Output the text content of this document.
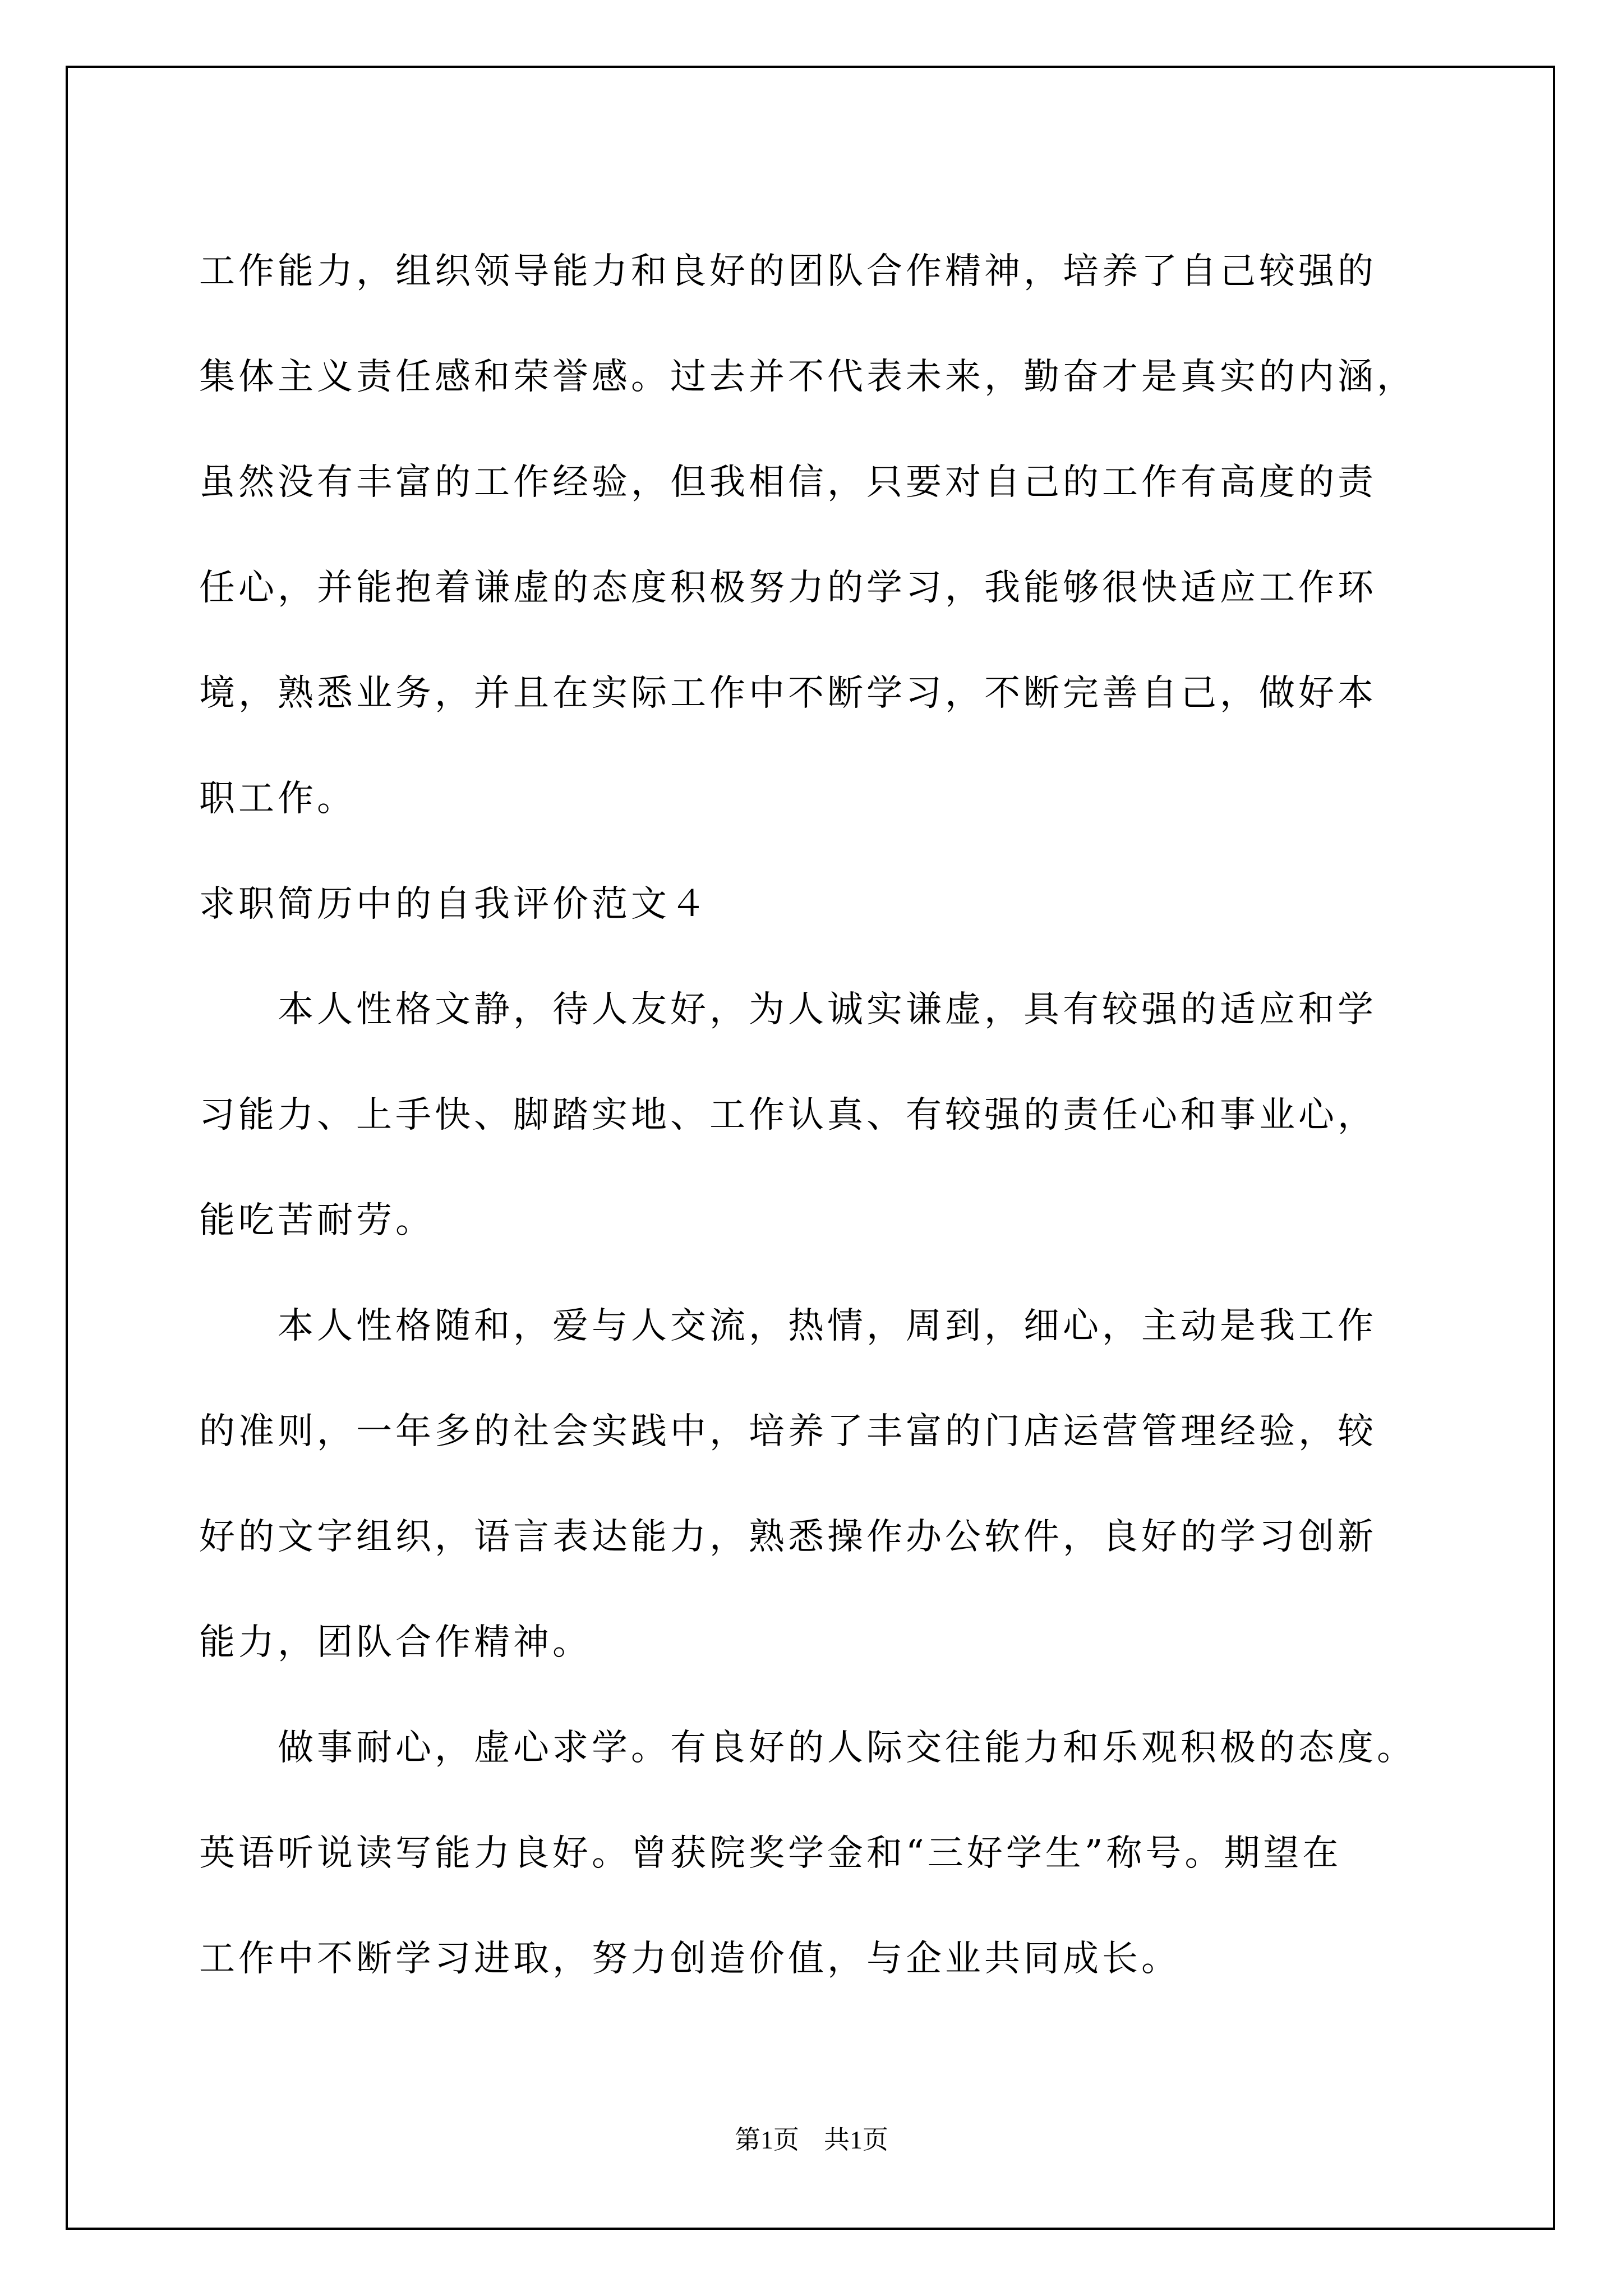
工作能力，组织领导能力和良好的团队合作精神，培养了自己较强的
集体主义责任感和荣誉感。过去并不代表未来，勤奋才是真实的内涵，
虽然没有丰富的工作经验，但我相信，只要对自己的工作有高度的责
任心，并能抱着谦虚的态度积极努力的学习，我能够很快适应工作环
境，熟悉业务，并且在实际工作中不断学习，不断完善自己，做好本
职工作。
求职简历中的自我评价范文４
本人性格文静，待人友好，为人诚实谦虚，具有较强的适应和学
习能力、上手快、脚踏实地、工作认真、有较强的责任心和事业心，
能吃苦耐劳。
本人性格随和，爱与人交流，热情，周到，细心，主动是我工作
的准则，一年多的社会实践中，培养了丰富的门店运营管理经验，较
好的文字组织，语言表达能力，熟悉操作办公软件，良好的学习创新
能力，团队合作精神。
做事耐心，虚心求学。有良好的人际交往能力和乐观积极的态度。
英语听说读写能力良好。曾获院奖学金和“三好学生”称号。期望在
工作中不断学习进取，努力创造价值，与企业共同成长。
第1页 共1页
